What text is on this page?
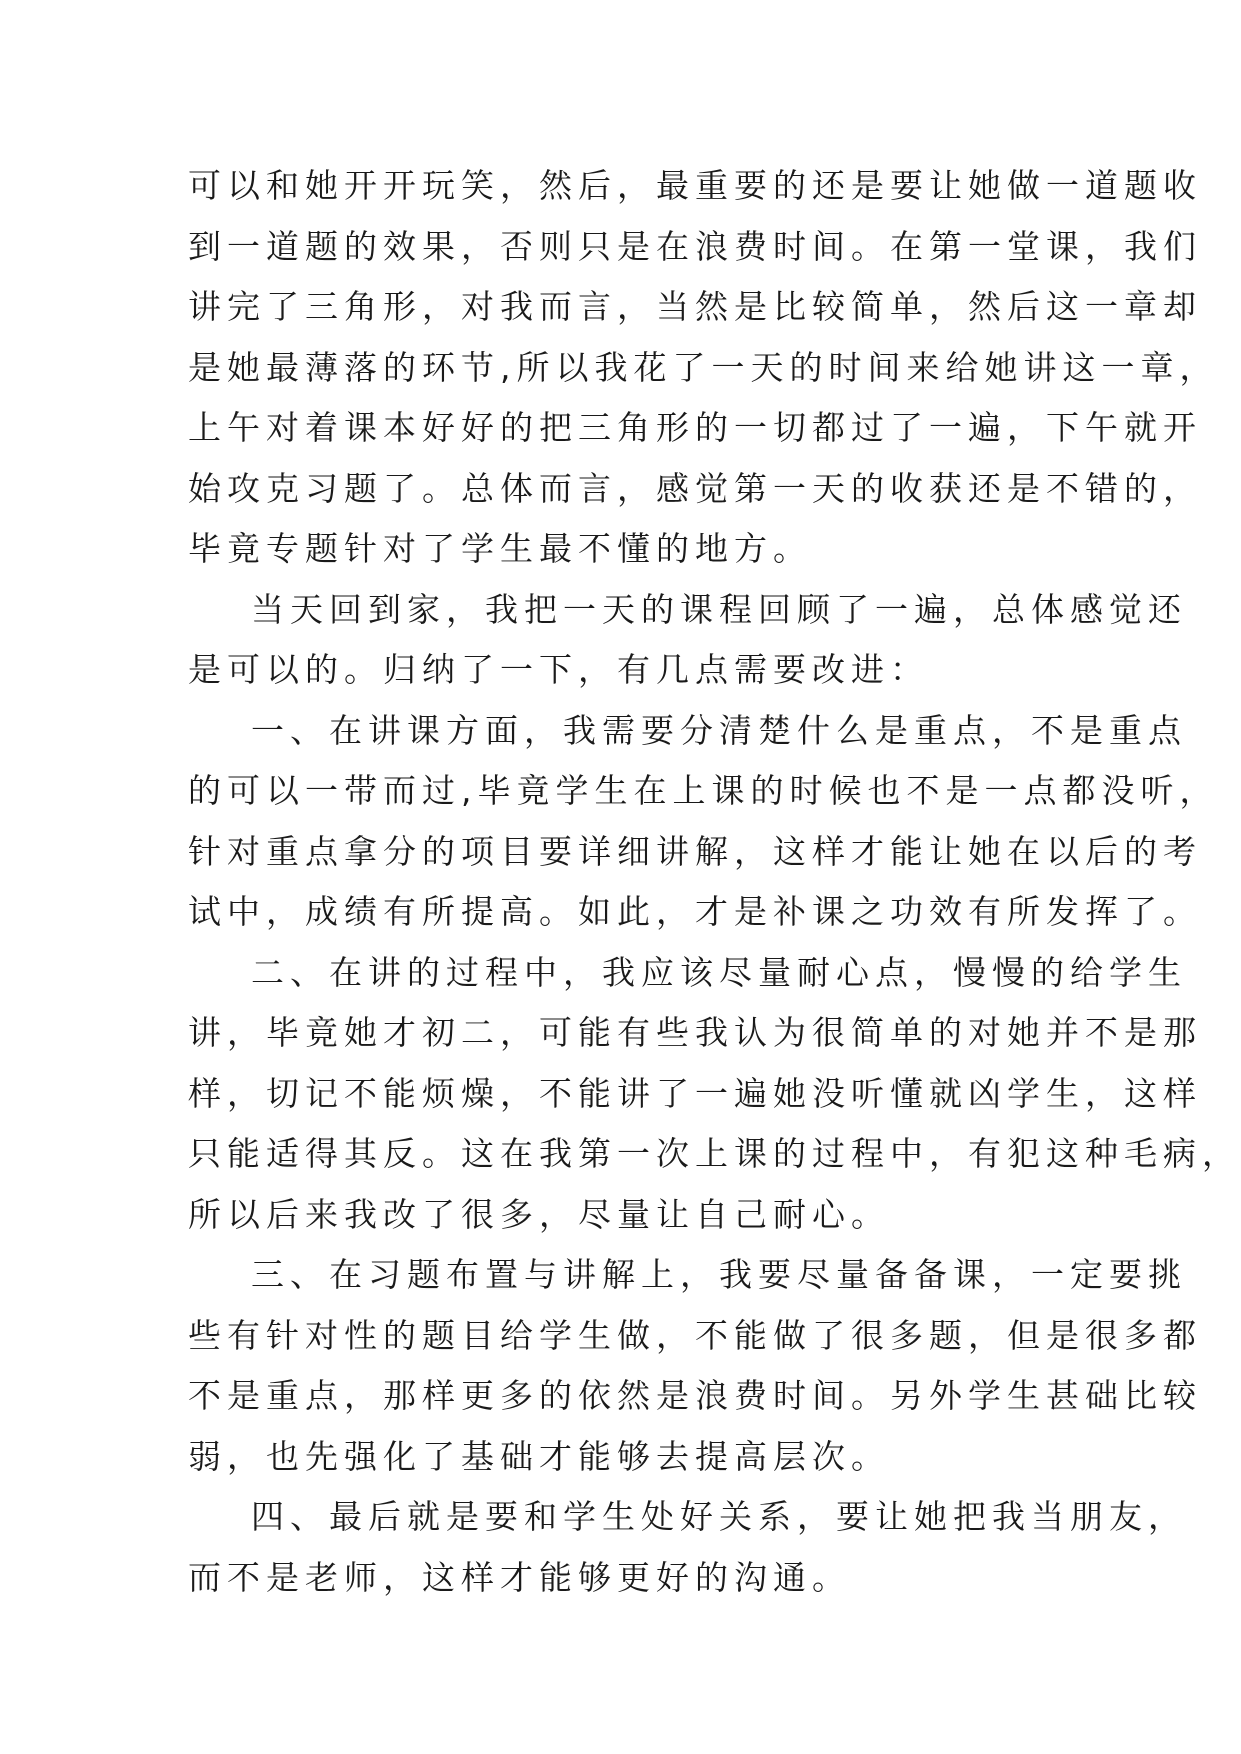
可以和她开开玩笑，然后，最重要的还是要让她做一道题收
到一道题的效果，否则只是在浪费时间。在第一堂课，我们
讲完了三角形，对我而言，当然是比较简单，然后这一章却
是她最薄落的环节,所以我花了一天的时间来给她讲这一章，
上午对着课本好好的把三角形的一切都过了一遍，下午就开
始攻克习题了。总体而言，感觉第一天的收获还是不错的，
毕竟专题针对了学生最不懂的地方。
当天回到家，我把一天的课程回顾了一遍，总体感觉还
是可以的。归纳了一下，有几点需要改进：
一、在讲课方面，我需要分清楚什么是重点，不是重点
的可以一带而过,毕竟学生在上课的时候也不是一点都没听，
针对重点拿分的项目要详细讲解，这样才能让她在以后的考
试中，成绩有所提高。如此，才是补课之功效有所发挥了。
二、在讲的过程中，我应该尽量耐心点，慢慢的给学生
讲，毕竟她才初二，可能有些我认为很简单的对她并不是那
样，切记不能烦燥，不能讲了一遍她没听懂就凶学生，这样
只能适得其反。这在我第一次上课的过程中，有犯这种毛病，
所以后来我改了很多，尽量让自己耐心。
三、在习题布置与讲解上，我要尽量备备课，一定要挑
些有针对性的题目给学生做，不能做了很多题，但是很多都
不是重点，那样更多的依然是浪费时间。另外学生甚础比较
弱，也先强化了基础才能够去提高层次。
四、最后就是要和学生处好关系，要让她把我当朋友，
而不是老师，这样才能够更好的沟通。
